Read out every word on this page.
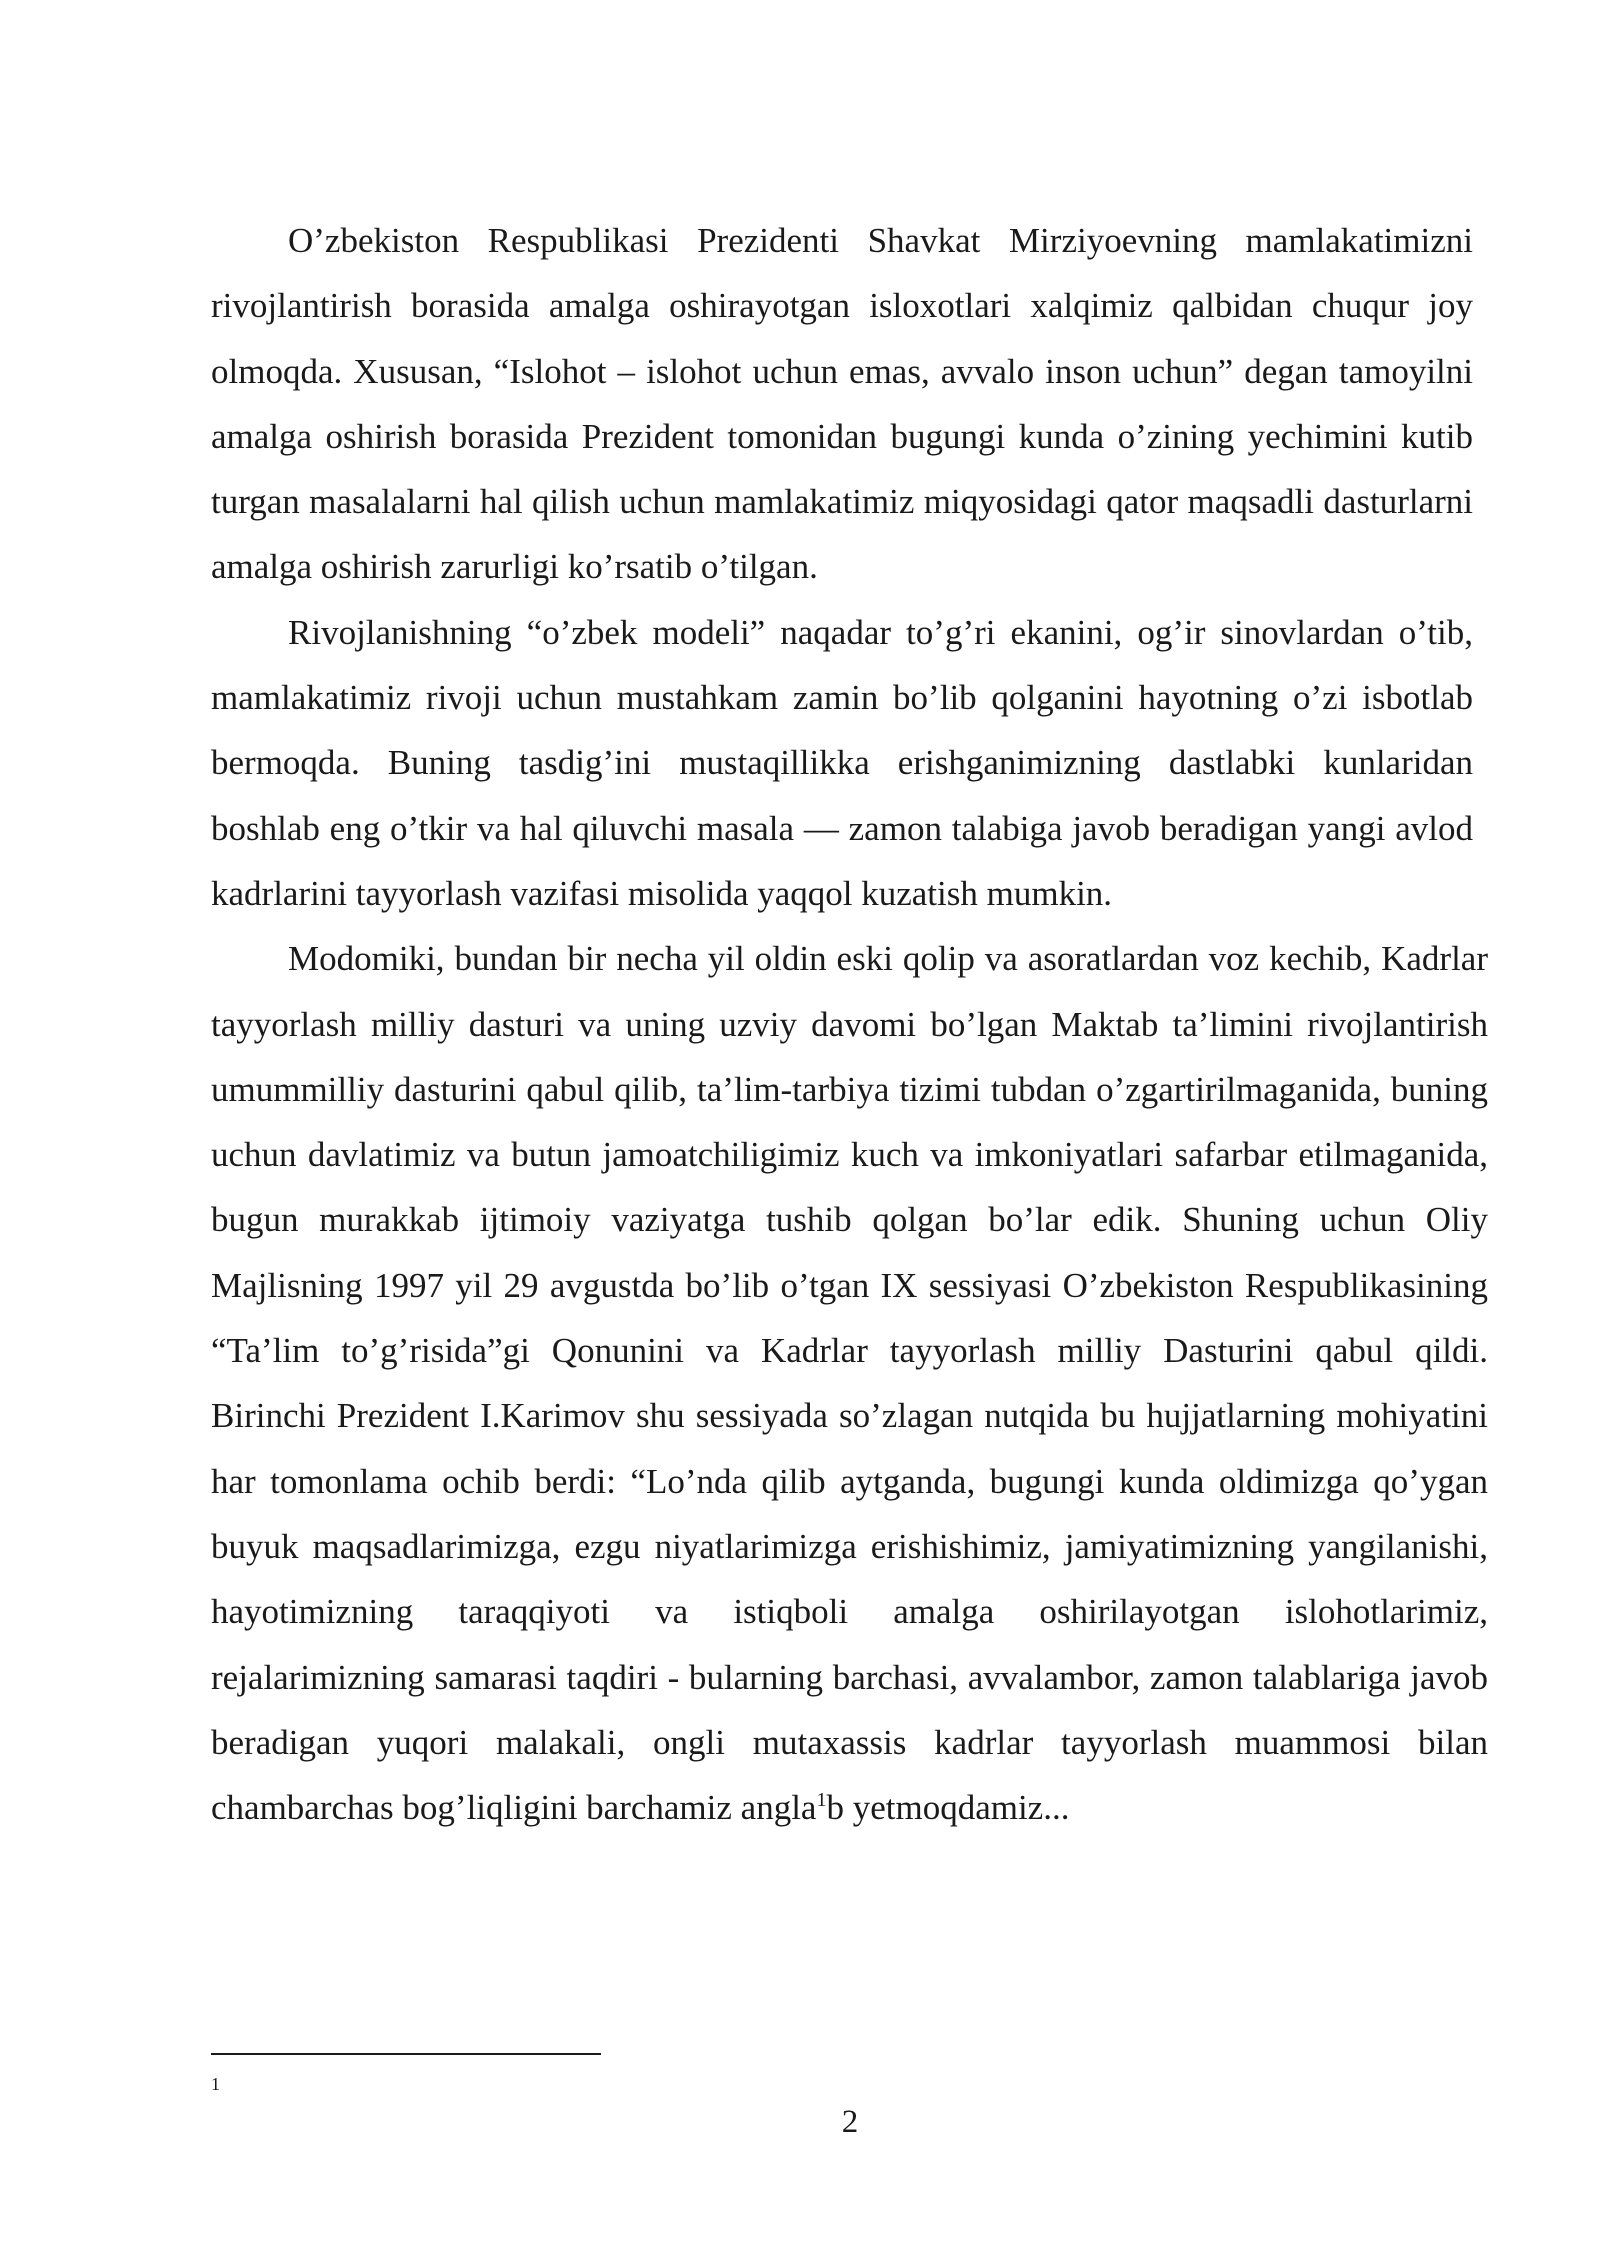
O’zbekiston Respublikasi Prezidenti Shavkat Mirziyoevning mamlakatimizni rivojlantirish borasida amalga oshirayotgan isloxotlari xalqimiz qalbidan chuqur joy olmoqda. Xususan, “Islohot – islohot uchun emas, avvalo inson uchun” degan tamoyilni amalga oshirish borasida Prezident tomonidan bugungi kunda o’zining yechimini kutib turgan masalalarni hal qilish uchun mamlakatimiz miqyosidagi qator maqsadli dasturlarni amalga oshirish zarurligi ko’rsatib o’tilgan.

Rivojlanishning “o’zbek modeli” naqadar to’g’ri ekanini, og’ir sinovlardan o’tib, mamlakatimiz rivoji uchun mustahkam zamin bo’lib qolganini hayotning o’zi isbotlab bermoqda. Buning tasdig’ini mustaqillikka erishganimizning dastlabki kunlaridan boshlab eng o’tkir va hal qiluvchi masala — zamon talabiga javob beradigan yangi avlod kadrlarini tayyorlash vazifasi misolida yaqqol kuzatish mumkin.

Modomiki, bundan bir necha yil oldin eski qolip va asoratlardan voz kechib, Kadrlar tayyorlash milliy dasturi va uning uzviy davomi bo’lgan Maktab ta’limini rivojlantirish umummilliy dasturini qabul qilib, ta’lim-tarbiya tizimi tubdan o’zgartirilmaganida, buning uchun davlatimiz va butun jamoatchiligimiz kuch va imkoniyatlari safarbar etilmaganida, bugun murakkab ijtimoiy vaziyatga tushib qolgan bo’lar edik. Shuning uchun Oliy Majlisning 1997 yil 29 avgustda bo’lib o’tgan IX sessiyasi O’zbekiston Respublikasining “Ta’lim to’g’risida”gi Qonunini va Kadrlar tayyorlash milliy Dasturini qabul qildi. Birinchi Prezident I.Karimov shu sessiyada so’zlagan nutqida bu hujjatlarning mohiyatini har tomonlama ochib berdi: “Lo’nda qilib aytganda, bugungi kunda oldimizga qo’ygan buyuk maqsadlarimizga, ezgu niyatlarimizga erishishimiz, jamiyatimizning yangilanishi, hayotimizning taraqqiyoti va istiqboli amalga oshirilayotgan islohotlarimiz, rejalarimizning samarasi taqdiri - bularning barchasi, avvalambor, zamon talablariga javob beradigan yuqori malakali, ongli mutaxassis kadrlar tayyorlash muammosi bilan chambarchas bog’liqligini barchamiz angla$^1$b yetmoqdamiz...

1
2
